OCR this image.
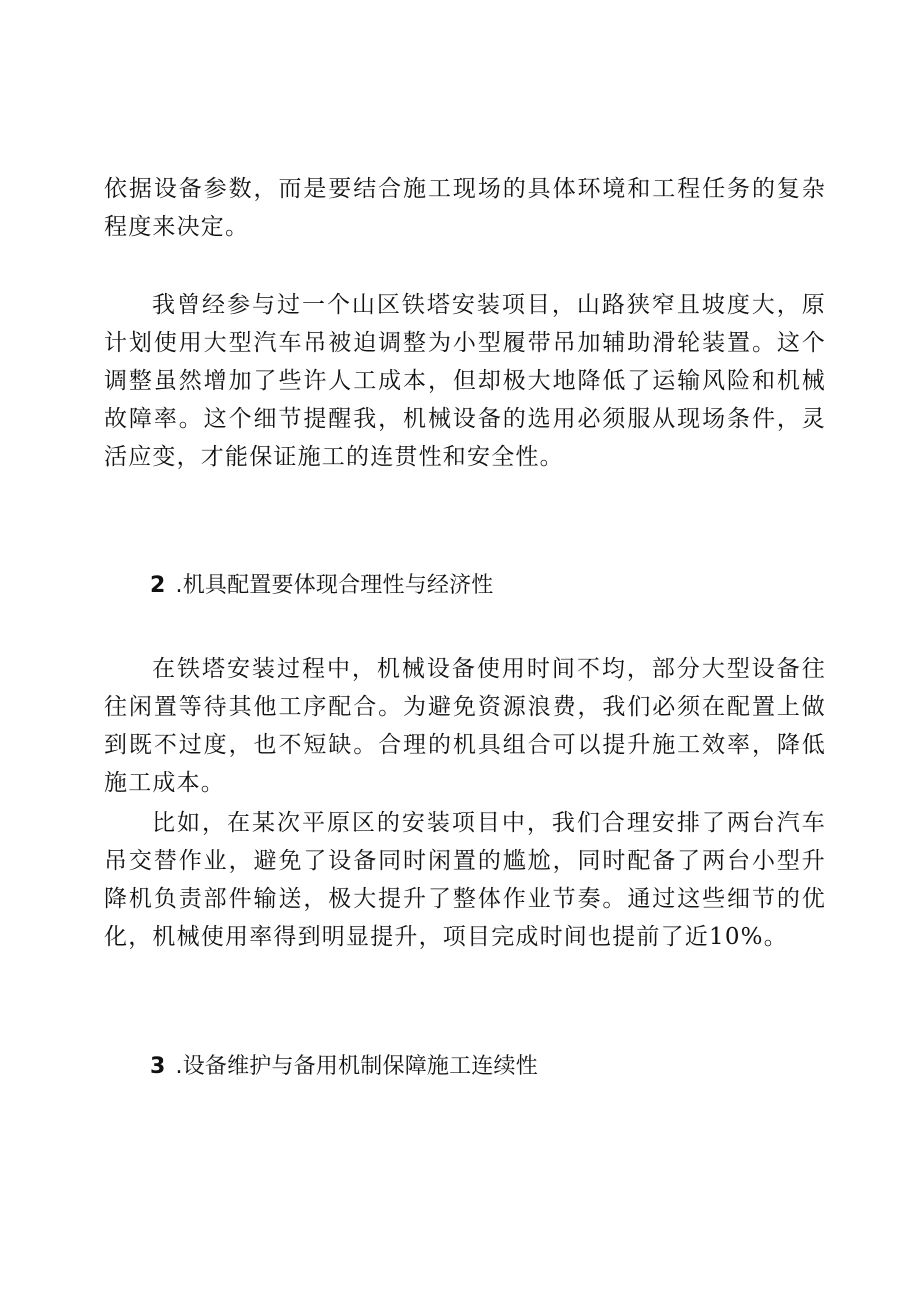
依据设备参数，而是要结合施工现场的具体环境和工程任务的复杂程度来决定。

我曾经参与过一个山区铁塔安装项目，山路狭窄且坡度大，原计划使用大型汽车吊被迫调整为小型履带吊加辅助滑轮装置。这个调整虽然增加了些许人工成本，但却极大地降低了运输风险和机械故障率。这个细节提醒我，机械设备的选用必须服从现场条件，灵活应变，才能保证施工的连贯性和安全性。

2 .机具配置要体现合理性与经济性

在铁塔安装过程中，机械设备使用时间不均，部分大型设备往往闲置等待其他工序配合。为避免资源浪费，我们必须在配置上做到既不过度，也不短缺。合理的机具组合可以提升施工效率，降低施工成本。

比如，在某次平原区的安装项目中，我们合理安排了两台汽车吊交替作业，避免了设备同时闲置的尴尬，同时配备了两台小型升降机负责部件输送，极大提升了整体作业节奏。通过这些细节的优化，机械使用率得到明显提升，项目完成时间也提前了近10%。

3 .设备维护与备用机制保障施工连续性
